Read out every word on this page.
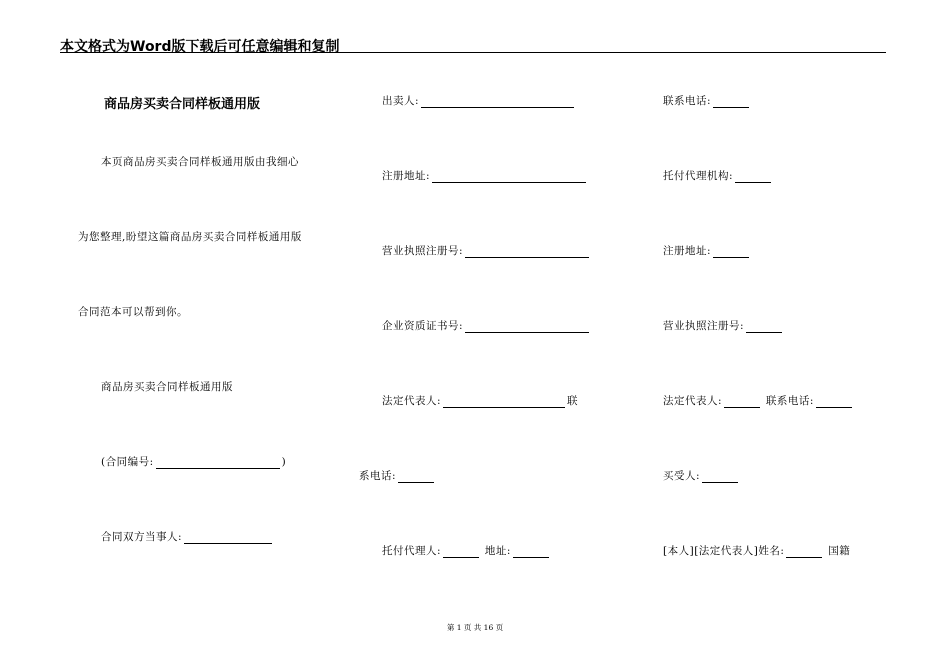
本文格式为Word版下载后可任意编辑和复制
商品房买卖合同样板通用版
本页商品房买卖合同样板通用版由我细心
为您整理,盼望这篇商品房买卖合同样板通用版
合同范本可以帮到你。
商品房买卖合同样板通用版
(合同编号:	)
合同双方当事人:
出卖人:
注册地址:
营业执照注册号:
企业资质证书号:
法定代表人:	联
系电话:
托付代理人:	地址:
联系电话:
托付代理机构:
注册地址:
营业执照注册号:
法定代表人:	联系电话:
买受人:
[本人][法定代表人]姓名:	国籍
第 1 页 共 16 页
